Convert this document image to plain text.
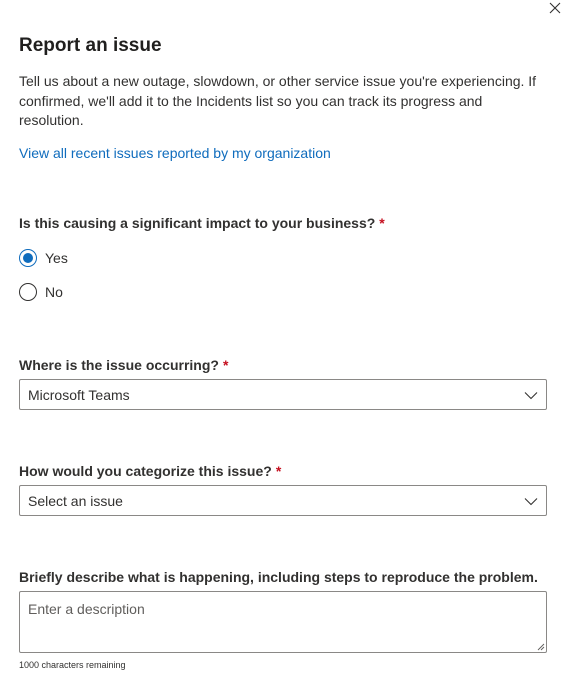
Report an issue

Tell us about a new outage, slowdown, or other service issue you're experiencing. If confirmed, we'll add it to the Incidents list so you can track its progress and resolution.

View all recent issues reported by my organization
Is this causing a significant impact to your business? *
Yes
No
Where is the issue occurring? *
Microsoft Teams
How would you categorize this issue? *
Select an issue
Briefly describe what is happening, including steps to reproduce the problem.
Enter a description
1000 characters remaining
